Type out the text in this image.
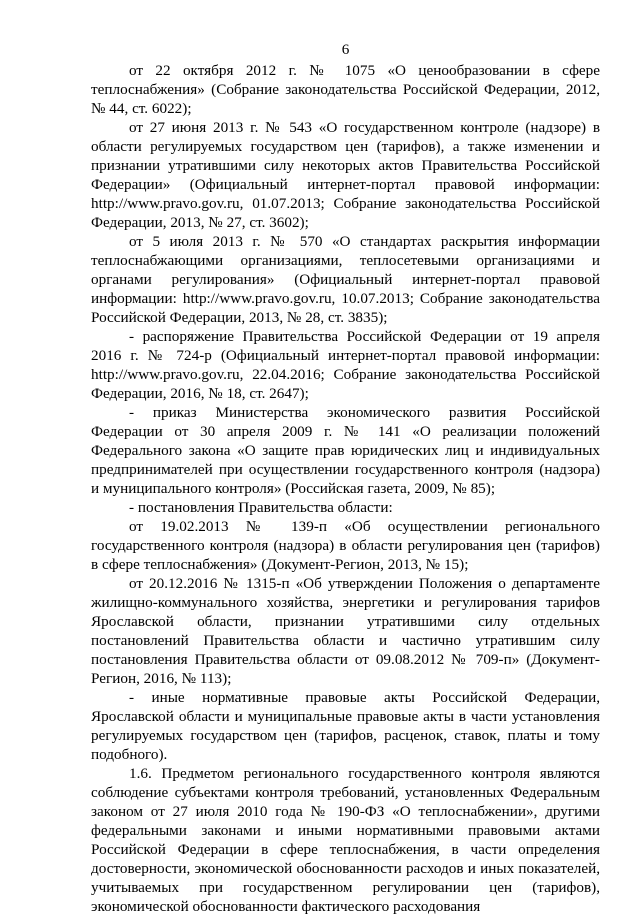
6

от 22 октября 2012 г. № 1075 «О ценообразовании в сфере теплоснабжения» (Собрание законодательства Российской Федерации, 2012, № 44, ст. 6022);

от 27 июня 2013 г. № 543 «О государственном контроле (надзоре) в области регулируемых государством цен (тарифов), а также изменении и признании утратившими силу некоторых актов Правительства Российской Федерации» (Официальный интернет-портал правовой информации: http://www.pravo.gov.ru, 01.07.2013; Собрание законодательства Российской Федерации, 2013, № 27, ст. 3602);

от 5 июля 2013 г. № 570 «О стандартах раскрытия информации теплоснабжающими организациями, теплосетевыми организациями и органами регулирования» (Официальный интернет-портал правовой информации: http://www.pravo.gov.ru, 10.07.2013; Собрание законодательства Российской Федерации, 2013, № 28, ст. 3835);

- распоряжение Правительства Российской Федерации от 19 апреля 2016 г. № 724-р (Официальный интернет-портал правовой информации: http://www.pravo.gov.ru, 22.04.2016; Собрание законодательства Российской Федерации, 2016, № 18, ст. 2647);

- приказ Министерства экономического развития Российской Федерации от 30 апреля 2009 г. № 141 «О реализации положений Федерального закона «О защите прав юридических лиц и индивидуальных предпринимателей при осуществлении государственного контроля (надзора) и муниципального контроля» (Российская газета, 2009, № 85);

- постановления Правительства области:

от 19.02.2013 № 139-п «Об осуществлении регионального государственного контроля (надзора) в области регулирования цен (тарифов) в сфере теплоснабжения» (Документ-Регион, 2013, № 15);

от 20.12.2016 № 1315-п «Об утверждении Положения о департаменте жилищно-коммунального хозяйства, энергетики и регулирования тарифов Ярославской области, признании утратившими силу отдельных постановлений Правительства области и частично утратившим силу постановления Правительства области от 09.08.2012 № 709-п» (Документ-Регион, 2016, № 113);

- иные нормативные правовые акты Российской Федерации, Ярославской области и муниципальные правовые акты в части установления регулируемых государством цен (тарифов, расценок, ставок, платы и тому подобного).

1.6. Предметом регионального государственного контроля являются соблюдение субъектами контроля требований, установленных Федеральным законом от 27 июля 2010 года № 190-ФЗ «О теплоснабжении», другими федеральными законами и иными нормативными правовыми актами Российской Федерации в сфере теплоснабжения, в части определения достоверности, экономической обоснованности расходов и иных показателей, учитываемых при государственном регулировании цен (тарифов), экономической обоснованности фактического расходования
